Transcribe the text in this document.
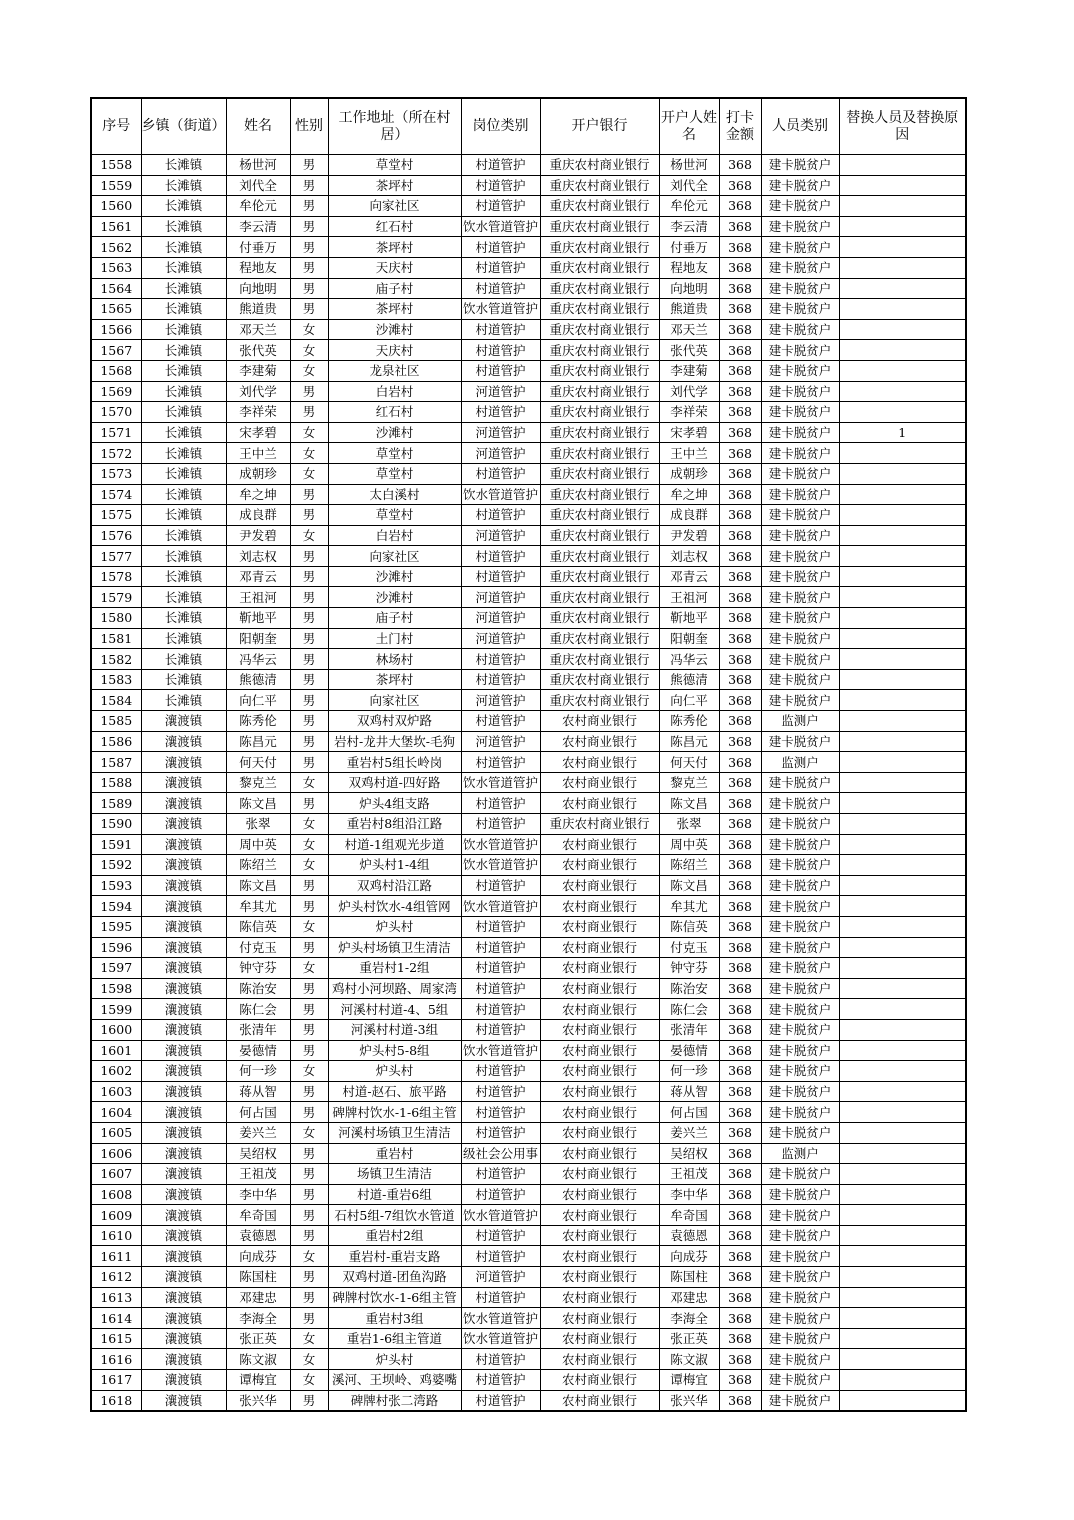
序号	乡镇（街道）	姓名	性别	工作地址（所在村居）	岗位类别	开户银行	开户人姓名	打卡金额	人员类别	替换人员及替换原因

1558	长滩镇	杨世河	男	草堂村	村道管护	重庆农村商业银行	杨世河	368	建卡脱贫户	

1559	长滩镇	刘代全	男	茶坪村	村道管护	重庆农村商业银行	刘代全	368	建卡脱贫户	

1560	长滩镇	牟伦元	男	向家社区	村道管护	重庆农村商业银行	牟伦元	368	建卡脱贫户	

1561	长滩镇	李云清	男	红石村	饮水管道管护	重庆农村商业银行	李云清	368	建卡脱贫户	

1562	长滩镇	付垂万	男	茶坪村	村道管护	重庆农村商业银行	付垂万	368	建卡脱贫户	

1563	长滩镇	程地友	男	天庆村	村道管护	重庆农村商业银行	程地友	368	建卡脱贫户	

1564	长滩镇	向地明	男	庙子村	村道管护	重庆农村商业银行	向地明	368	建卡脱贫户	

1565	长滩镇	熊道贵	男	茶坪村	饮水管道管护	重庆农村商业银行	熊道贵	368	建卡脱贫户	

1566	长滩镇	邓天兰	女	沙滩村	村道管护	重庆农村商业银行	邓天兰	368	建卡脱贫户	

1567	长滩镇	张代英	女	天庆村	村道管护	重庆农村商业银行	张代英	368	建卡脱贫户	

1568	长滩镇	李建菊	女	龙泉社区	村道管护	重庆农村商业银行	李建菊	368	建卡脱贫户	

1569	长滩镇	刘代学	男	白岩村	河道管护	重庆农村商业银行	刘代学	368	建卡脱贫户	

1570	长滩镇	李祥荣	男	红石村	村道管护	重庆农村商业银行	李祥荣	368	建卡脱贫户	

1571	长滩镇	宋孝碧	女	沙滩村	河道管护	重庆农村商业银行	宋孝碧	368	建卡脱贫户	1

1572	长滩镇	王中兰	女	草堂村	河道管护	重庆农村商业银行	王中兰	368	建卡脱贫户	

1573	长滩镇	成朝珍	女	草堂村	村道管护	重庆农村商业银行	成朝珍	368	建卡脱贫户	

1574	长滩镇	牟之坤	男	太白溪村	饮水管道管护	重庆农村商业银行	牟之坤	368	建卡脱贫户	

1575	长滩镇	成良群	男	草堂村	村道管护	重庆农村商业银行	成良群	368	建卡脱贫户	

1576	长滩镇	尹发碧	女	白岩村	河道管护	重庆农村商业银行	尹发碧	368	建卡脱贫户	

1577	长滩镇	刘志权	男	向家社区	村道管护	重庆农村商业银行	刘志权	368	建卡脱贫户	

1578	长滩镇	邓青云	男	沙滩村	村道管护	重庆农村商业银行	邓青云	368	建卡脱贫户	

1579	长滩镇	王祖河	男	沙滩村	河道管护	重庆农村商业银行	王祖河	368	建卡脱贫户	

1580	长滩镇	靳地平	男	庙子村	河道管护	重庆农村商业银行	靳地平	368	建卡脱贫户	

1581	长滩镇	阳朝奎	男	土门村	河道管护	重庆农村商业银行	阳朝奎	368	建卡脱贫户	

1582	长滩镇	冯华云	男	林场村	村道管护	重庆农村商业银行	冯华云	368	建卡脱贫户	

1583	长滩镇	熊德清	男	茶坪村	村道管护	重庆农村商业银行	熊德清	368	建卡脱贫户	

1584	长滩镇	向仁平	男	向家社区	河道管护	重庆农村商业银行	向仁平	368	建卡脱贫户	

1585	瀼渡镇	陈秀伦	男	双鸡村双炉路	村道管护	农村商业银行	陈秀伦	368	监测户	

1586	瀼渡镇	陈昌元	男	岩村-龙井大堡坎-毛狗	河道管护	农村商业银行	陈昌元	368	建卡脱贫户	

1587	瀼渡镇	何天付	男	重岩村5组长岭岗	村道管护	农村商业银行	何天付	368	监测户	

1588	瀼渡镇	黎克兰	女	双鸡村道-四好路	饮水管道管护	农村商业银行	黎克兰	368	建卡脱贫户	

1589	瀼渡镇	陈文昌	男	炉头4组支路	村道管护	农村商业银行	陈文昌	368	建卡脱贫户	

1590	瀼渡镇	张翠	女	重岩村8组沿江路	村道管护	重庆农村商业银行	张翠	368	建卡脱贫户	

1591	瀼渡镇	周中英	女	村道-1组观光步道	饮水管道管护	农村商业银行	周中英	368	建卡脱贫户	

1592	瀼渡镇	陈绍兰	女	炉头村1-4组	饮水管道管护	农村商业银行	陈绍兰	368	建卡脱贫户	

1593	瀼渡镇	陈文昌	男	双鸡村沿江路	村道管护	农村商业银行	陈文昌	368	建卡脱贫户	

1594	瀼渡镇	牟其尤	男	炉头村饮水-4组管网	饮水管道管护	农村商业银行	牟其尤	368	建卡脱贫户	

1595	瀼渡镇	陈信英	女	炉头村	村道管护	农村商业银行	陈信英	368	建卡脱贫户	

1596	瀼渡镇	付克玉	男	炉头村场镇卫生清洁	村道管护	农村商业银行	付克玉	368	建卡脱贫户	

1597	瀼渡镇	钟守芬	女	重岩村1-2组	村道管护	农村商业银行	钟守芬	368	建卡脱贫户	

1598	瀼渡镇	陈治安	男	鸡村小河坝路、周家湾	村道管护	农村商业银行	陈治安	368	建卡脱贫户	

1599	瀼渡镇	陈仁会	男	河溪村村道-4、5组	村道管护	农村商业银行	陈仁会	368	建卡脱贫户	

1600	瀼渡镇	张清年	男	河溪村村道-3组	村道管护	农村商业银行	张清年	368	建卡脱贫户	

1601	瀼渡镇	晏德情	男	炉头村5-8组	饮水管道管护	农村商业银行	晏德情	368	建卡脱贫户	

1602	瀼渡镇	何一珍	女	炉头村	村道管护	农村商业银行	何一珍	368	建卡脱贫户	

1603	瀼渡镇	蒋从智	男	村道-赵石、旅平路	村道管护	农村商业银行	蒋从智	368	建卡脱贫户	

1604	瀼渡镇	何占国	男	碑牌村饮水-1-6组主管	村道管护	农村商业银行	何占国	368	建卡脱贫户	

1605	瀼渡镇	姜兴兰	女	河溪村场镇卫生清洁	村道管护	农村商业银行	姜兴兰	368	建卡脱贫户	

1606	瀼渡镇	吴绍权	男	重岩村	级社会公用事	农村商业银行	吴绍权	368	监测户	

1607	瀼渡镇	王祖茂	男	场镇卫生清洁	村道管护	农村商业银行	王祖茂	368	建卡脱贫户	

1608	瀼渡镇	李中华	男	村道-重岩6组	村道管护	农村商业银行	李中华	368	建卡脱贫户	

1609	瀼渡镇	牟奇国	男	石村5组-7组饮水管道	饮水管道管护	农村商业银行	牟奇国	368	建卡脱贫户	

1610	瀼渡镇	袁德恩	男	重岩村2组	村道管护	农村商业银行	袁德恩	368	建卡脱贫户	

1611	瀼渡镇	向成芬	女	重岩村-重岩支路	村道管护	农村商业银行	向成芬	368	建卡脱贫户	

1612	瀼渡镇	陈国柱	男	双鸡村道-团鱼沟路	河道管护	农村商业银行	陈国柱	368	建卡脱贫户	

1613	瀼渡镇	邓建忠	男	碑牌村饮水-1-6组主管	村道管护	农村商业银行	邓建忠	368	建卡脱贫户	

1614	瀼渡镇	李海全	男	重岩村3组	饮水管道管护	农村商业银行	李海全	368	建卡脱贫户	

1615	瀼渡镇	张正英	女	重岩1-6组主管道	饮水管道管护	农村商业银行	张正英	368	建卡脱贫户	

1616	瀼渡镇	陈文淑	女	炉头村	村道管护	农村商业银行	陈文淑	368	建卡脱贫户	

1617	瀼渡镇	谭梅宜	女	溪河、王坝岭、鸡婆嘴	村道管护	农村商业银行	谭梅宜	368	建卡脱贫户	

1618	瀼渡镇	张兴华	男	碑牌村张二湾路	村道管护	农村商业银行	张兴华	368	建卡脱贫户	
